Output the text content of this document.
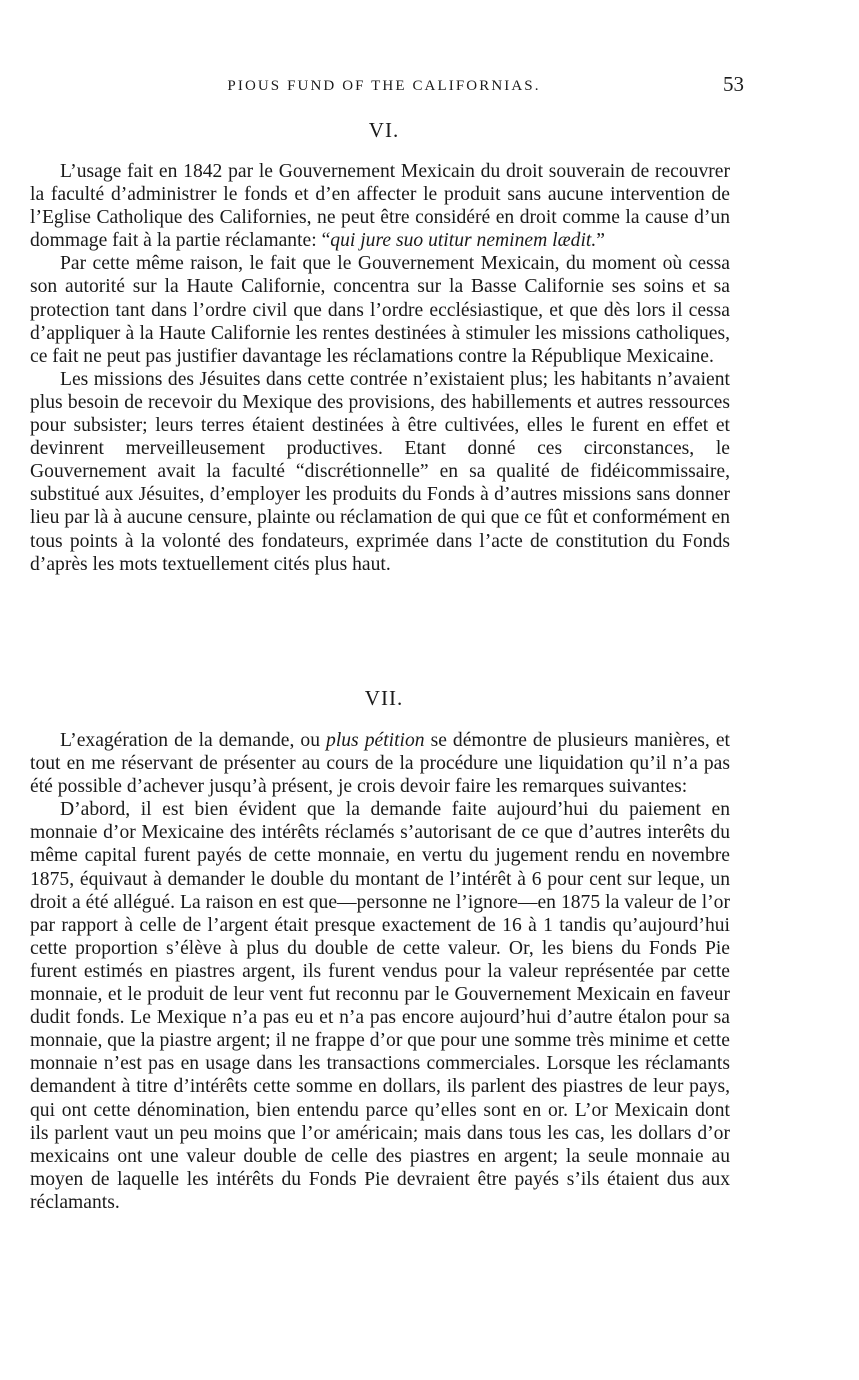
PIOUS FUND OF THE CALIFORNIAS.	53
VI.

L’usage fait en 1842 par le Gouvernement Mexicain du droit souverain de recouvrer la faculté d’administrer le fonds et d’en affecter le produit sans aucune intervention de l’Eglise Catholique des Californies, ne peut être considéré en droit comme la cause d’un dommage fait à la partie réclamante: “qui jure suo utitur neminem lædit.”

Par cette même raison, le fait que le Gouvernement Mexicain, du moment où cessa son autorité sur la Haute Californie, concentra sur la Basse Californie ses soins et sa protection tant dans l’ordre civil que dans l’ordre ecclésiastique, et que dès lors il cessa d’appliquer à la Haute Californie les rentes destinées à stimuler les missions catholiques, ce fait ne peut pas justifier davantage les réclamations contre la République Mexicaine.

Les missions des Jésuites dans cette contrée n’existaient plus; les habitants n’avaient plus besoin de recevoir du Mexique des provisions, des habillements et autres ressources pour subsister; leurs terres étaient destinées à être cultivées, elles le furent en effet et devinrent merveilleusement productives. Etant donné ces circonstances, le Gouvernement avait la faculté “discrétionnelle” en sa qualité de fidéicommissaire, substitué aux Jésuites, d’employer les produits du Fonds à d’autres missions sans donner lieu par là à aucune censure, plainte ou réclamation de qui que ce fût et conformément en tous points à la volonté des fondateurs, exprimée dans l’acte de constitution du Fonds d’après les mots textuellement cités plus haut.

VII.

L’exagération de la demande, ou plus pétition se démontre de plusieurs manières, et tout en me réservant de présenter au cours de la procédure une liquidation qu’il n’a pas été possible d’achever jusqu’à présent, je crois devoir faire les remarques suivantes:

D’abord, il est bien évident que la demande faite aujourd’hui du paiement en monnaie d’or Mexicaine des intérêts réclamés s’autorisant de ce que d’autres interêts du même capital furent payés de cette monnaie, en vertu du jugement rendu en novembre 1875, équivaut à demander le double du montant de l’intérêt à 6 pour cent sur leque, un droit a été allégué. La raison en est que—personne ne l’ignore—en 1875 la valeur de l’or par rapport à celle de l’argent était presque exactement de 16 à 1 tandis qu’aujourd’hui cette proportion s’élève à plus du double de cette valeur. Or, les biens du Fonds Pie furent estimés en piastres argent, ils furent vendus pour la valeur représentée par cette monnaie, et le produit de leur vent fut reconnu par le Gouvernement Mexicain en faveur dudit fonds. Le Mexique n’a pas eu et n’a pas encore aujourd’hui d’autre étalon pour sa monnaie, que la piastre argent; il ne frappe d’or que pour une somme très minime et cette monnaie n’est pas en usage dans les transactions commerciales. Lorsque les réclamants demandent à titre d’intérêts cette somme en dollars, ils parlent des piastres de leur pays, qui ont cette dénomination, bien entendu parce qu’elles sont en or. L’or Mexicain dont ils parlent vaut un peu moins que l’or américain; mais dans tous les cas, les dollars d’or mexicains ont une valeur double de celle des piastres en argent; la seule monnaie au moyen de laquelle les intérêts du Fonds Pie devraient être payés s’ils étaient dus aux réclamants.
